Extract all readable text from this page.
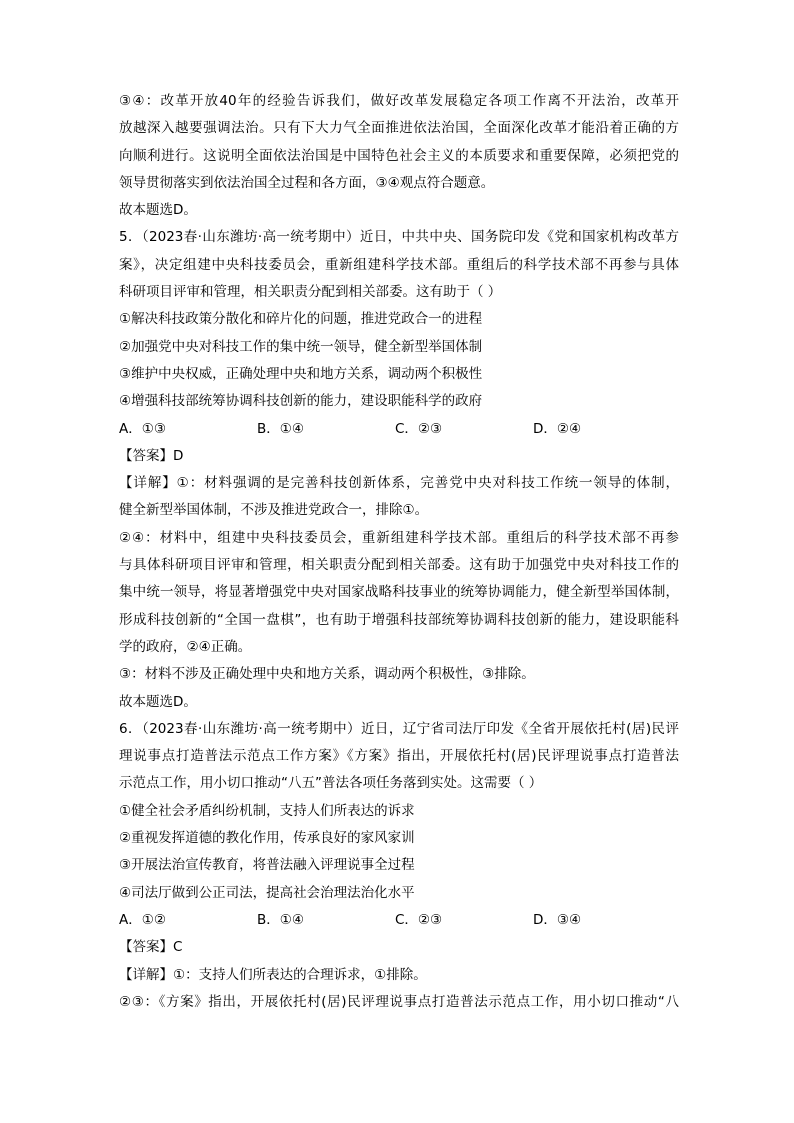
③④：改革开放40年的经验告诉我们，做好改革发展稳定各项工作离不开法治，改革开
放越深入越要强调法治。只有下大力气全面推进依法治国，全面深化改革才能沿着正确的方
向顺利进行。这说明全面依法治国是中国特色社会主义的本质要求和重要保障，必须把党的
领导贯彻落实到依法治国全过程和各方面，③④观点符合题意。
故本题选D。
5．（2023春·山东潍坊·高一统考期中）近日，中共中央、国务院印发《党和国家机构改革方
案》，决定组建中央科技委员会，重新组建科学技术部。重组后的科学技术部不再参与具体
科研项目评审和管理，相关职责分配到相关部委。这有助于（ ）
①解决科技政策分散化和碎片化的问题，推进党政合一的进程
②加强党中央对科技工作的集中统一领导，健全新型举国体制
③维护中央权威，正确处理中央和地方关系，调动两个积极性
④增强科技部统筹协调科技创新的能力，建设职能科学的政府
A．①③	B．①④	C．②③	D．②④
【答案】D
【详解】①：材料强调的是完善科技创新体系，完善党中央对科技工作统一领导的体制，
健全新型举国体制，不涉及推进党政合一，排除①。
②④：材料中，组建中央科技委员会，重新组建科学技术部。重组后的科学技术部不再参
与具体科研项目评审和管理，相关职责分配到相关部委。这有助于加强党中央对科技工作的
集中统一领导，将显著增强党中央对国家战略科技事业的统筹协调能力，健全新型举国体制，
形成科技创新的“全国一盘棋”，也有助于增强科技部统筹协调科技创新的能力，建设职能科
学的政府，②④正确。
③：材料不涉及正确处理中央和地方关系，调动两个积极性，③排除。
故本题选D。
6．（2023春·山东潍坊·高一统考期中）近日，辽宁省司法厅印发《全省开展依托村(居)民评
理说事点打造普法示范点工作方案》《方案》指出，开展依托村(居)民评理说事点打造普法
示范点工作，用小切口推动“八五”普法各项任务落到实处。这需要（ ）
①健全社会矛盾纠纷机制，支持人们所表达的诉求
②重视发挥道德的教化作用，传承良好的家风家训
③开展法治宣传教育，将普法融入评理说事全过程
④司法厅做到公正司法，提高社会治理法治化水平
A．①②	B．①④	C．②③	D．③④
【答案】C
【详解】①：支持人们所表达的合理诉求，①排除。
②③：《方案》指出，开展依托村(居)民评理说事点打造普法示范点工作，用小切口推动“八
